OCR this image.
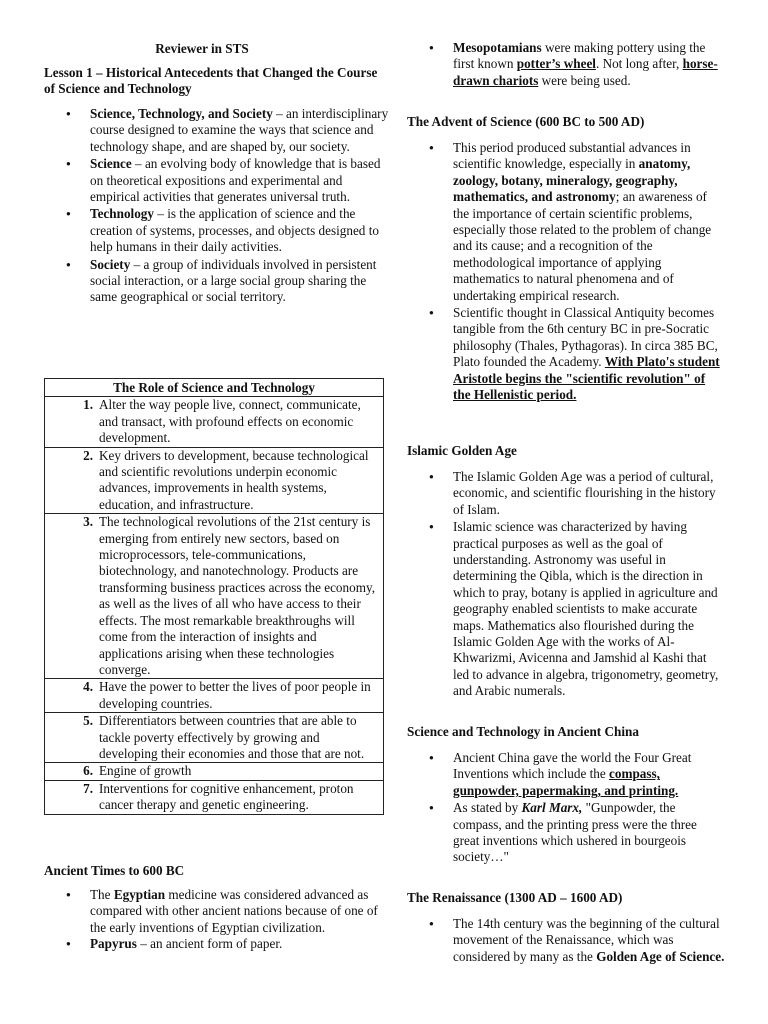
Reviewer in STS
Lesson 1 – Historical Antecedents that Changed the Course of Science and Technology
● Science, Technology, and Society – an interdisciplinary course designed to examine the ways that science and technology shape, and are shaped by, our society.
● Science – an evolving body of knowledge that is based on theoretical expositions and experimental and empirical activities that generates universal truth.
● Technology – is the application of science and the creation of systems, processes, and objects designed to help humans in their daily activities.
● Society – a group of individuals involved in persistent social interaction, or a large social group sharing the same geographical or social territory.
The Role of Science and Technology	
1.	Alter the way people live, connect, communicate, and transact, with profound effects on economic development.
2.	Key drivers to development, because technological and scientific revolutions underpin economic advances, improvements in health systems, education, and infrastructure.
3.	The technological revolutions of the 21st century is emerging from entirely new sectors, based on microprocessors, tele-communications, biotechnology, and nanotechnology. Products are transforming business practices across the economy, as well as the lives of all who have access to their effects. The most remarkable breakthroughs will come from the interaction of insights and applications arising when these technologies converge.
4.	Have the power to better the lives of poor people in developing countries.
5.	Differentiators between countries that are able to tackle poverty effectively by growing and developing their economies and those that are not.
6.	Engine of growth
7.	Interventions for cognitive enhancement, proton cancer therapy and genetic engineering.
Ancient Times to 600 BC
● The Egyptian medicine was considered advanced as compared with other ancient nations because of one of the early inventions of Egyptian civilization.
● Papyrus – an ancient form of paper.
● Mesopotamians were making pottery using the first known potter’s wheel. Not long after, horse-drawn chariots were being used.
The Advent of Science (600 BC to 500 AD)
● This period produced substantial advances in scientific knowledge, especially in anatomy, zoology, botany, mineralogy, geography, mathematics, and astronomy; an awareness of the importance of certain scientific problems, especially those related to the problem of change and its cause; and a recognition of the methodological importance of applying mathematics to natural phenomena and of undertaking empirical research.
● Scientific thought in Classical Antiquity becomes tangible from the 6th century BC in pre-Socratic philosophy (Thales, Pythagoras). In circa 385 BC, Plato founded the Academy. With Plato's student Aristotle begins the "scientific revolution" of the Hellenistic period.
Islamic Golden Age
● The Islamic Golden Age was a period of cultural, economic, and scientific flourishing in the history of Islam.
● Islamic science was characterized by having practical purposes as well as the goal of understanding. Astronomy was useful in determining the Qibla, which is the direction in which to pray, botany is applied in agriculture and geography enabled scientists to make accurate maps. Mathematics also flourished during the Islamic Golden Age with the works of Al-Khwarizmi, Avicenna and Jamshid al Kashi that led to advance in algebra, trigonometry, geometry, and Arabic numerals.
Science and Technology in Ancient China
● Ancient China gave the world the Four Great Inventions which include the compass, gunpowder, papermaking, and printing.
● As stated by Karl Marx, "Gunpowder, the compass, and the printing press were the three great inventions which ushered in bourgeois society…"
The Renaissance (1300 AD – 1600 AD)
● The 14th century was the beginning of the cultural movement of the Renaissance, which was considered by many as the Golden Age of Science.
